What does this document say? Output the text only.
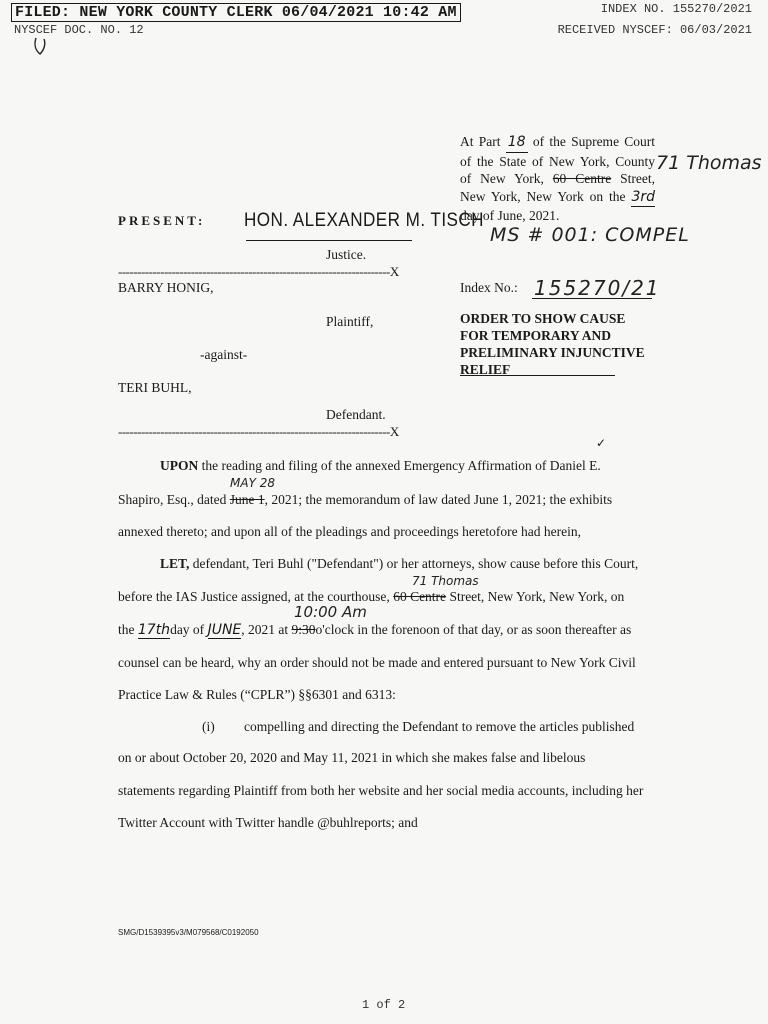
FILED: NEW YORK COUNTY CLERK 06/04/2021 10:42 AM	INDEX NO. 155270/2021
NYSCEF DOC. NO. 12	RECEIVED NYSCEF: 06/03/2021
At Part 18 of the Supreme Court of the State of New York, County of New York, 60 Centre Street, New York, New York on the 3rd day of June, 2021.
71 Thomas
PRESENT: HON. ALEXANDER M. TISCH
Justice.
MS # 001: COMPEL
-----------------------------------------------------------------------X
BARRY HONIG,
Plaintiff,
-against-
TERI BUHL,
Defendant.
-----------------------------------------------------------------------X
Index No.: 155270/21
ORDER TO SHOW CAUSE
FOR TEMPORARY AND
PRELIMINARY INJUNCTIVE
RELIEF
✓
UPON the reading and filing of the annexed Emergency Affirmation of Daniel E.
MAY 28
Shapiro, Esq., dated June 1, 2021; the memorandum of law dated June 1, 2021; the exhibits
annexed thereto; and upon all of the pleadings and proceedings heretofore had herein,
LET, defendant, Teri Buhl ("Defendant") or her attorneys, show cause before this Court,
71 Thomas
before the IAS Justice assigned, at the courthouse, 60 Centre Street, New York, New York, on
10:00 Am
the 17thday of JUNE, 2021 at 9:30o'clock in the forenoon of that day, or as soon thereafter as
counsel can be heard, why an order should not be made and entered pursuant to New York Civil
Practice Law & Rules (“CPLR”) §§6301 and 6313:
(i) compelling and directing the Defendant to remove the articles published
on or about October 20, 2020 and May 11, 2021 in which she makes false and libelous
statements regarding Plaintiff from both her website and her social media accounts, including her
Twitter Account with Twitter handle @buhlreports; and
SMG/D1539395v3/M079568/C0192050
1 of 2
